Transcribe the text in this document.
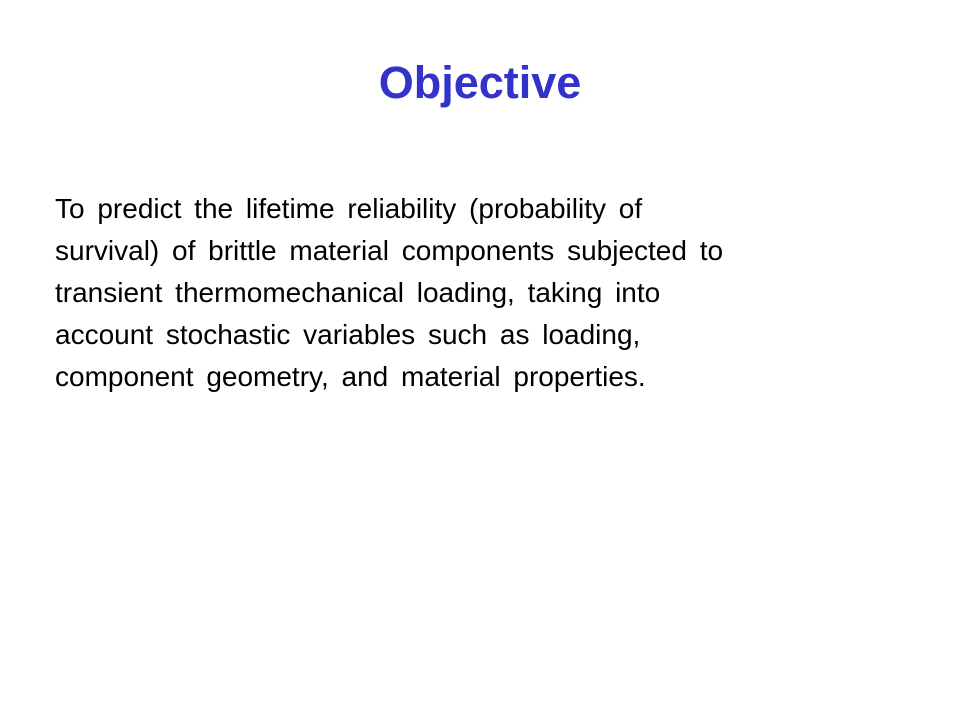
Objective
To predict the lifetime reliability (probability of
survival) of brittle material components subjected to
transient thermomechanical loading, taking into
account stochastic variables such as loading,
component geometry, and material properties.
